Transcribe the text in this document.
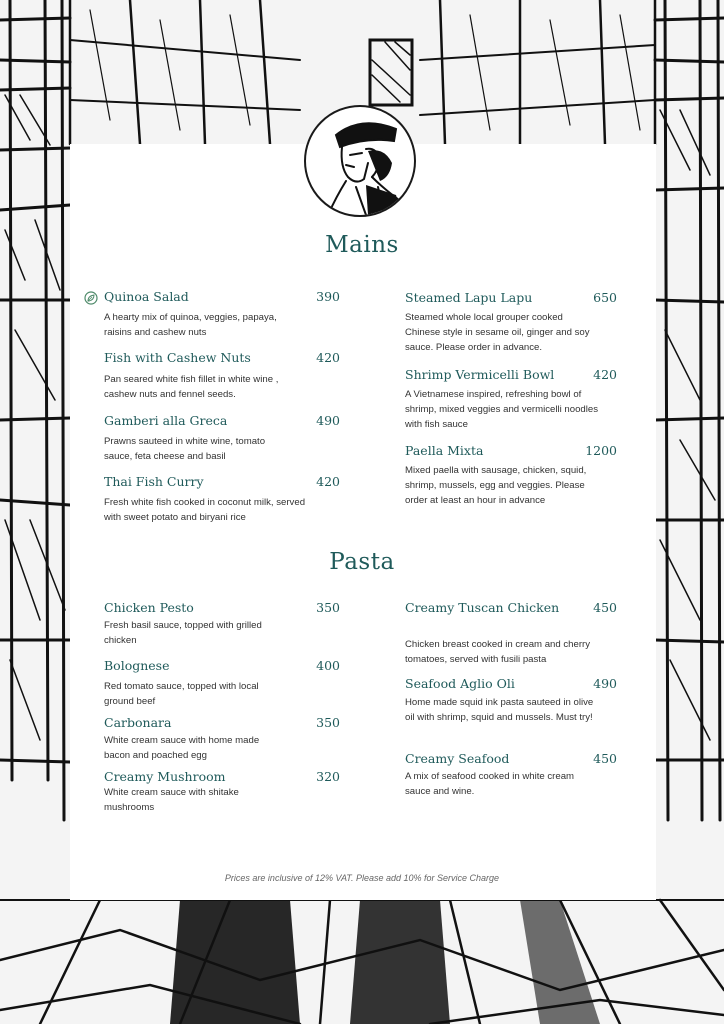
Mains
Quinoa Salad	390
A hearty mix of quinoa, veggies, papaya, raisins and cashew nuts
Fish with Cashew Nuts	420
Pan seared white fish fillet in white wine , cashew nuts and fennel seeds.
Gamberi alla Greca	490
Prawns sauteed in white wine, tomato sauce, feta cheese and basil
Thai Fish Curry	420
Fresh white fish cooked in coconut milk, served with sweet potato and biryani rice
Steamed Lapu Lapu	650
Steamed whole local grouper cooked Chinese style in sesame oil, ginger and soy sauce. Please order in advance.
Shrimp Vermicelli Bowl	420
A Vietnamese inspired, refreshing bowl of shrimp, mixed veggies and vermicelli noodles with fish sauce
Paella Mixta	1200
Mixed paella with sausage, chicken, squid, shrimp, mussels, egg and veggies. Please order at least an hour in advance
Pasta
Chicken Pesto	350
Fresh basil sauce, topped with grilled chicken
Bolognese	400
Red tomato sauce, topped with local ground beef
Carbonara	350
White cream sauce with home made bacon and poached egg
Creamy Mushroom	320
White cream sauce with shitake mushrooms
Creamy Tuscan Chicken	450
Chicken breast cooked in cream and cherry tomatoes, served with fusili pasta
Seafood Aglio Oli	490
Home made squid ink pasta sauteed in olive oil with shrimp, squid and mussels. Must try!
Creamy Seafood	450
A mix of seafood cooked in white cream sauce and wine.
Prices are inclusive of 12% VAT. Please add 10% for Service Charge
